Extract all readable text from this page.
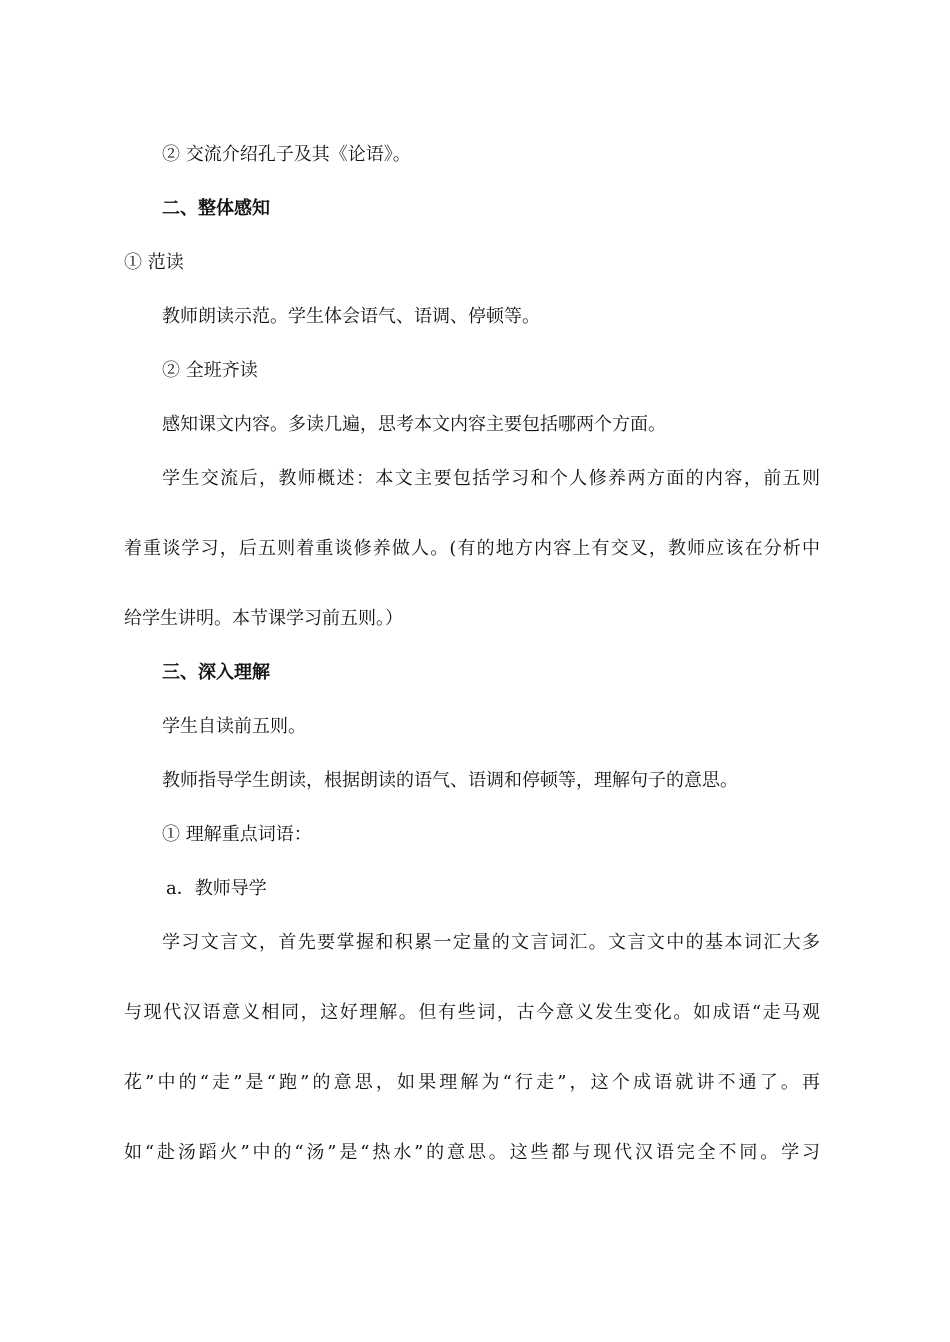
② 交流介绍孔子及其《论语》。
二、整体感知
① 范读
教师朗读示范。学生体会语气、语调、停顿等。
② 全班齐读
感知课文内容。多读几遍，思考本文内容主要包括哪两个方面。
学生交流后，教师概述：本文主要包括学习和个人修养两方面的内容，前五则
着重谈学习，后五则着重谈修养做人。(有的地方内容上有交叉，教师应该在分析中
给学生讲明。本节课学习前五则。）
三、深入理解
学生自读前五则。
教师指导学生朗读，根据朗读的语气、语调和停顿等，理解句子的意思。
① 理解重点词语：
a．教师导学
学习文言文，首先要掌握和积累一定量的文言词汇。文言文中的基本词汇大多
与现代汉语意义相同，这好理解。但有些词，古今意义发生变化。如成语“走马观
花”中的“走”是“跑”的意思，如果理解为“行走”，这个成语就讲不通了。再
如“赴汤蹈火”中的“汤”是“热水”的意思。这些都与现代汉语完全不同。学习
